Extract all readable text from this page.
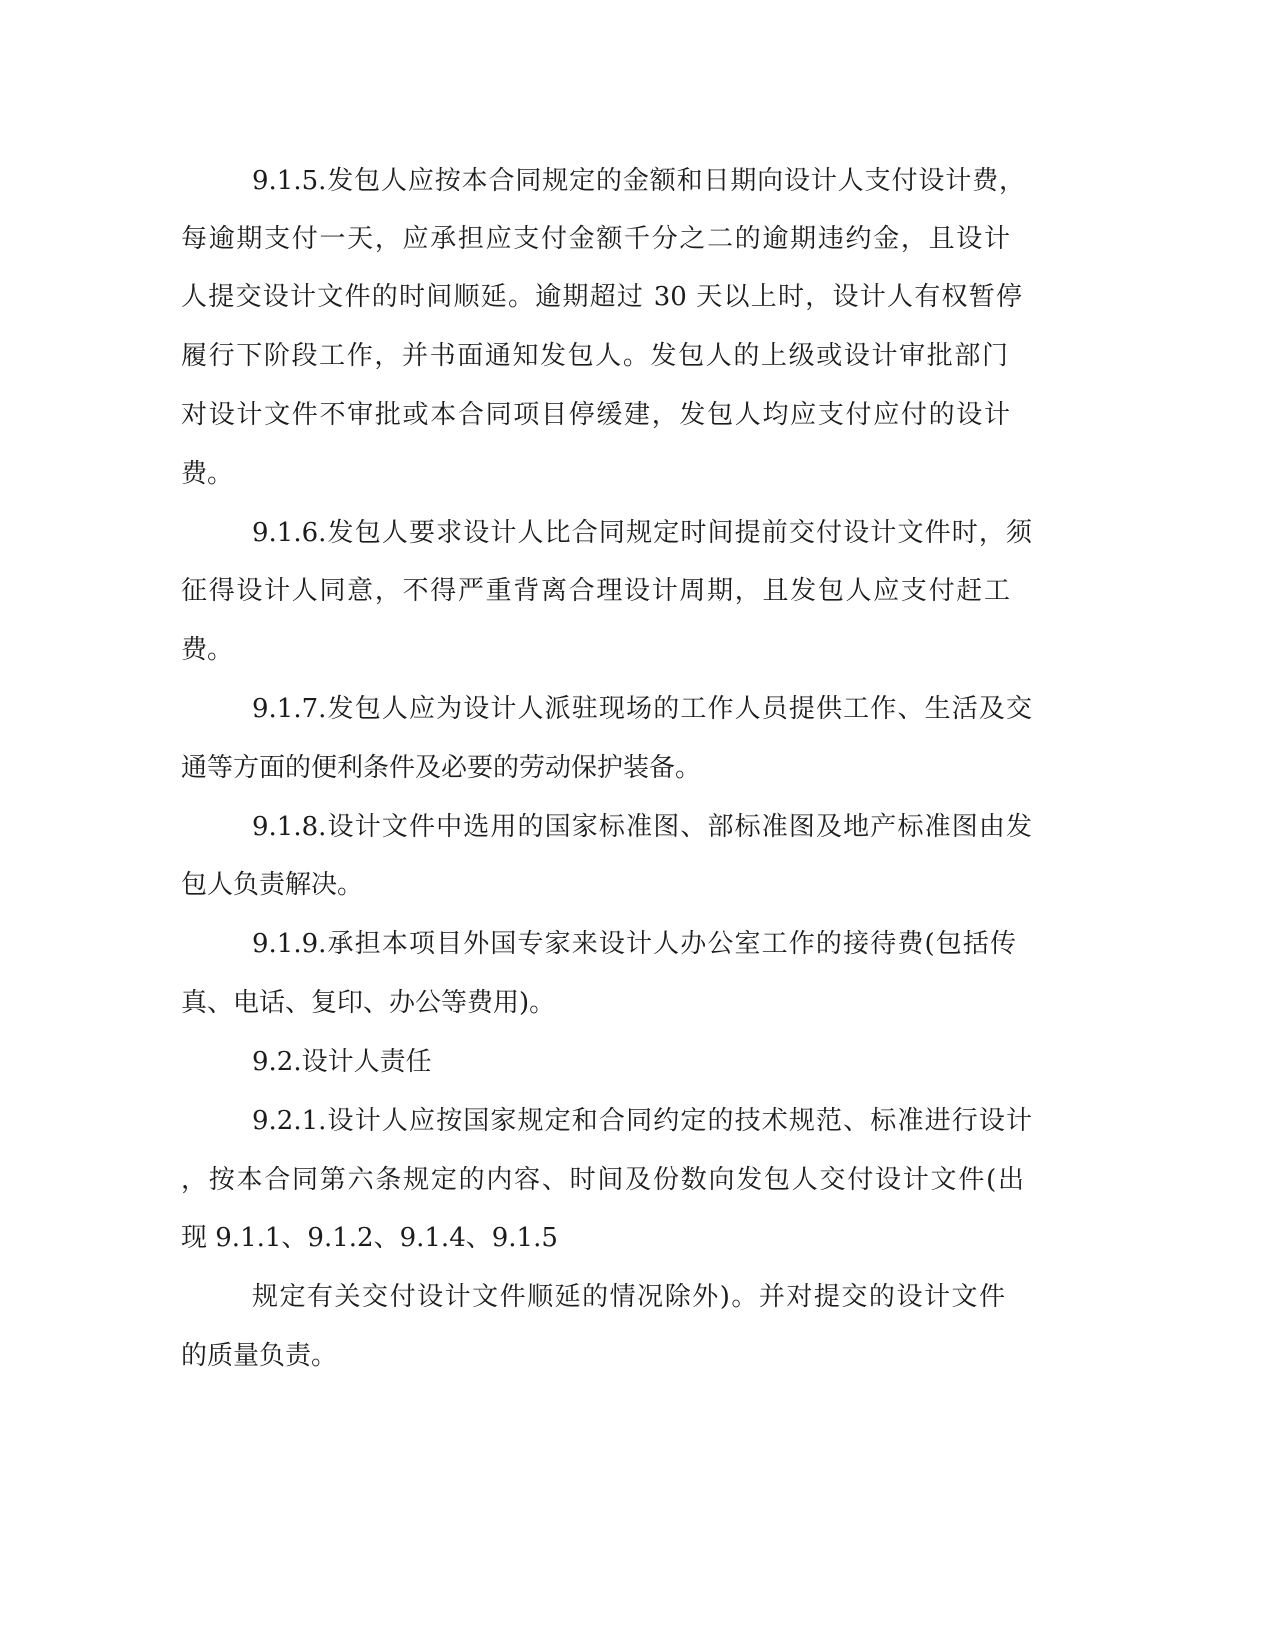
9.1.5.发包人应按本合同规定的金额和日期向设计人支付设计费，

每逾期支付一天，应承担应支付金额千分之二的逾期违约金，且设计

人提交设计文件的时间顺延。逾期超过 30 天以上时，设计人有权暂停

履行下阶段工作，并书面通知发包人。发包人的上级或设计审批部门

对设计文件不审批或本合同项目停缓建，发包人均应支付应付的设计

费。

9.1.6.发包人要求设计人比合同规定时间提前交付设计文件时，须

征得设计人同意，不得严重背离合理设计周期，且发包人应支付赶工

费。

9.1.7.发包人应为设计人派驻现场的工作人员提供工作、生活及交

通等方面的便利条件及必要的劳动保护装备。

9.1.8.设计文件中选用的国家标准图、部标准图及地产标准图由发

包人负责解决。

9.1.9.承担本项目外国专家来设计人办公室工作的接待费(包括传

真、电话、复印、办公等费用)。

9.2.设计人责任

9.2.1.设计人应按国家规定和合同约定的技术规范、标准进行设计

，按本合同第六条规定的内容、时间及份数向发包人交付设计文件(出

现 9.1.1、9.1.2、9.1.4、9.1.5

规定有关交付设计文件顺延的情况除外)。并对提交的设计文件

的质量负责。
